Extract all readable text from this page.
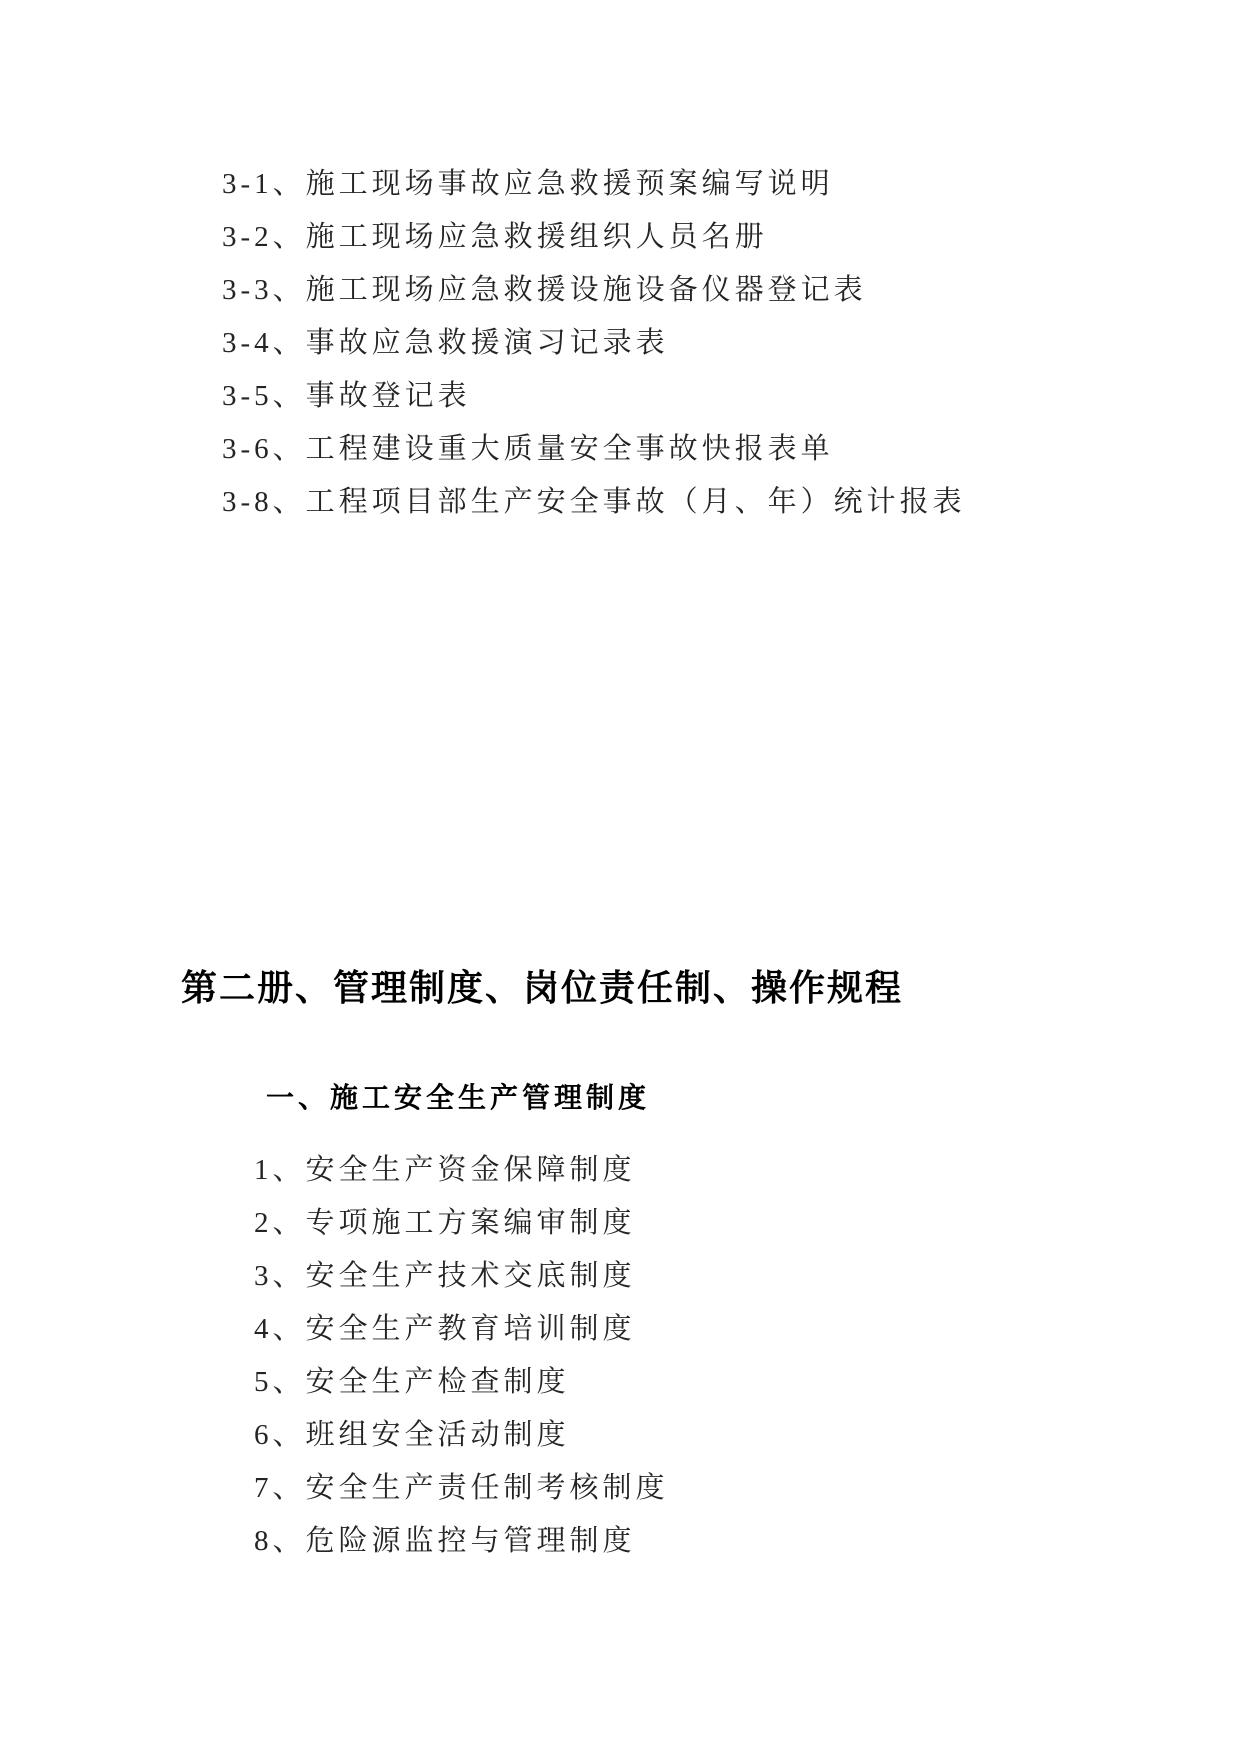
3-1、施工现场事故应急救援预案编写说明
3-2、施工现场应急救援组织人员名册
3-3、施工现场应急救援设施设备仪器登记表
3-4、事故应急救援演习记录表
3-5、事故登记表
3-6、工程建设重大质量安全事故快报表单
3-8、工程项目部生产安全事故（月、年）统计报表
第二册、管理制度、岗位责任制、操作规程
一、施工安全生产管理制度
1、安全生产资金保障制度
2、专项施工方案编审制度
3、安全生产技术交底制度
4、安全生产教育培训制度
5、安全生产检查制度
6、班组安全活动制度
7、安全生产责任制考核制度
8、危险源监控与管理制度
